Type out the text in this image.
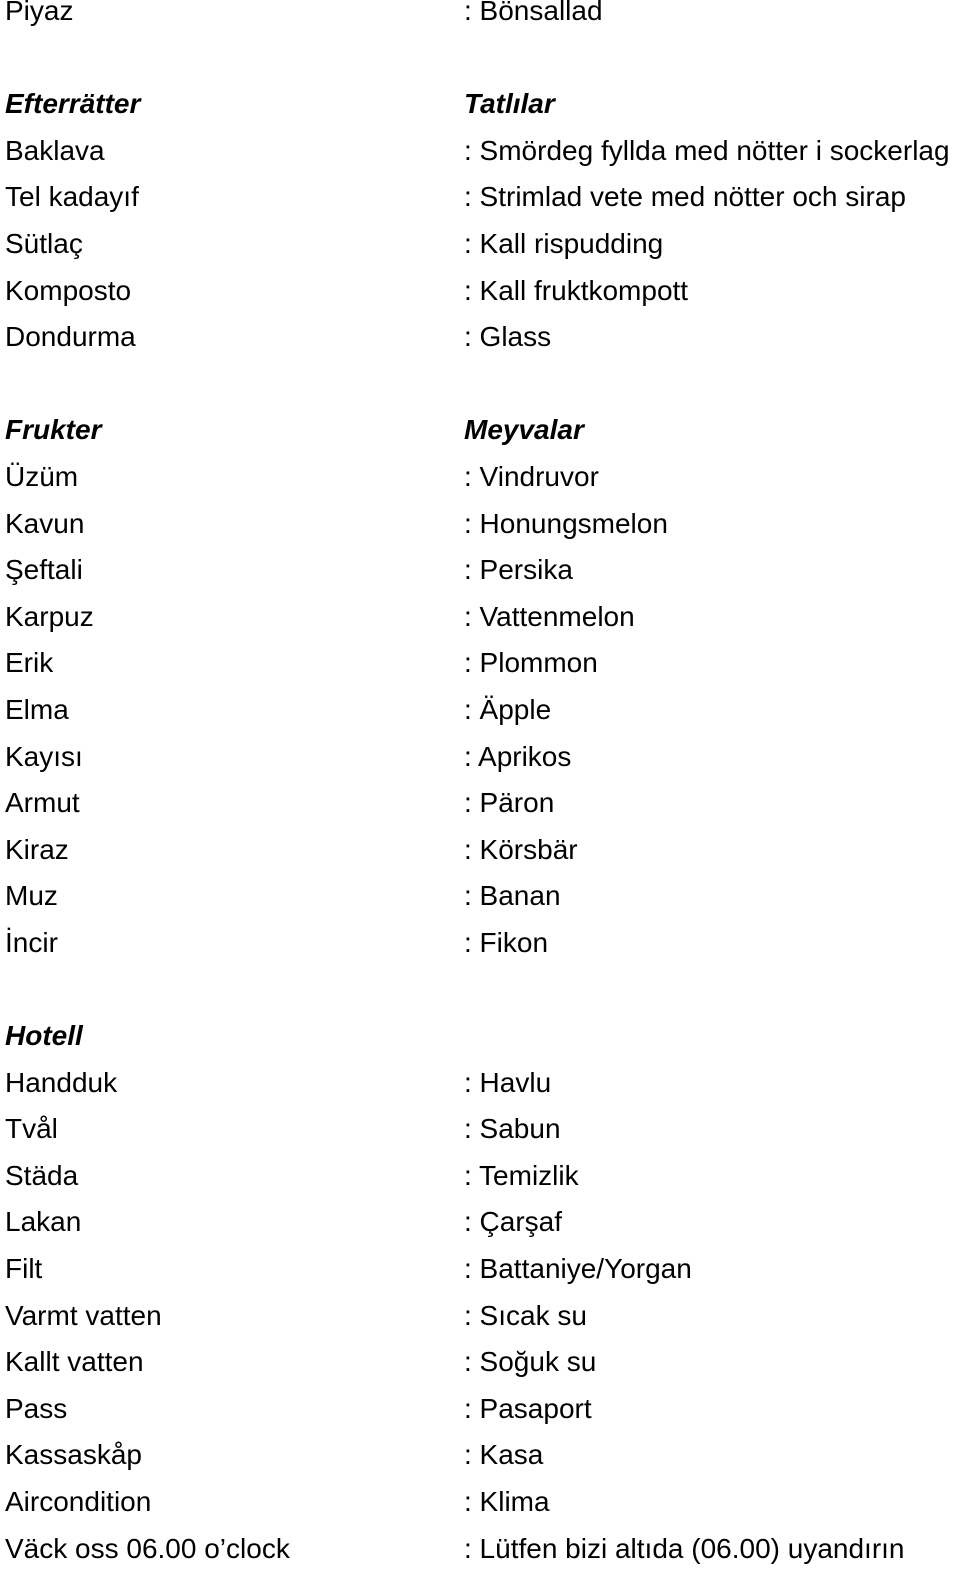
Piyaz	: Bönsallad
Efterrätter	Tatlılar
Baklava	: Smördeg fyllda med nötter i sockerlag
Tel kadayıf	: Strimlad vete med nötter och sirap
Sütlaç	: Kall rispudding
Komposto	: Kall fruktkompott
Dondurma	: Glass
Frukter	Meyvalar
Üzüm	: Vindruvor
Kavun	: Honungsmelon
Şeftali	: Persika
Karpuz	: Vattenmelon
Erik	: Plommon
Elma	: Äpple
Kayısı	: Aprikos
Armut	: Päron
Kiraz	: Körsbär
Muz	: Banan
İncir	: Fikon
Hotell
Handduk	: Havlu
Tvål	: Sabun
Städa	: Temizlik
Lakan	: Çarşaf
Filt	: Battaniye/Yorgan
Varmt vatten	: Sıcak su
Kallt vatten	: Soğuk su
Pass	: Pasaport
Kassaskåp	: Kasa
Aircondition	: Klima
Väck oss 06.00 o’clock	: Lütfen bizi altıda (06.00) uyandırın
